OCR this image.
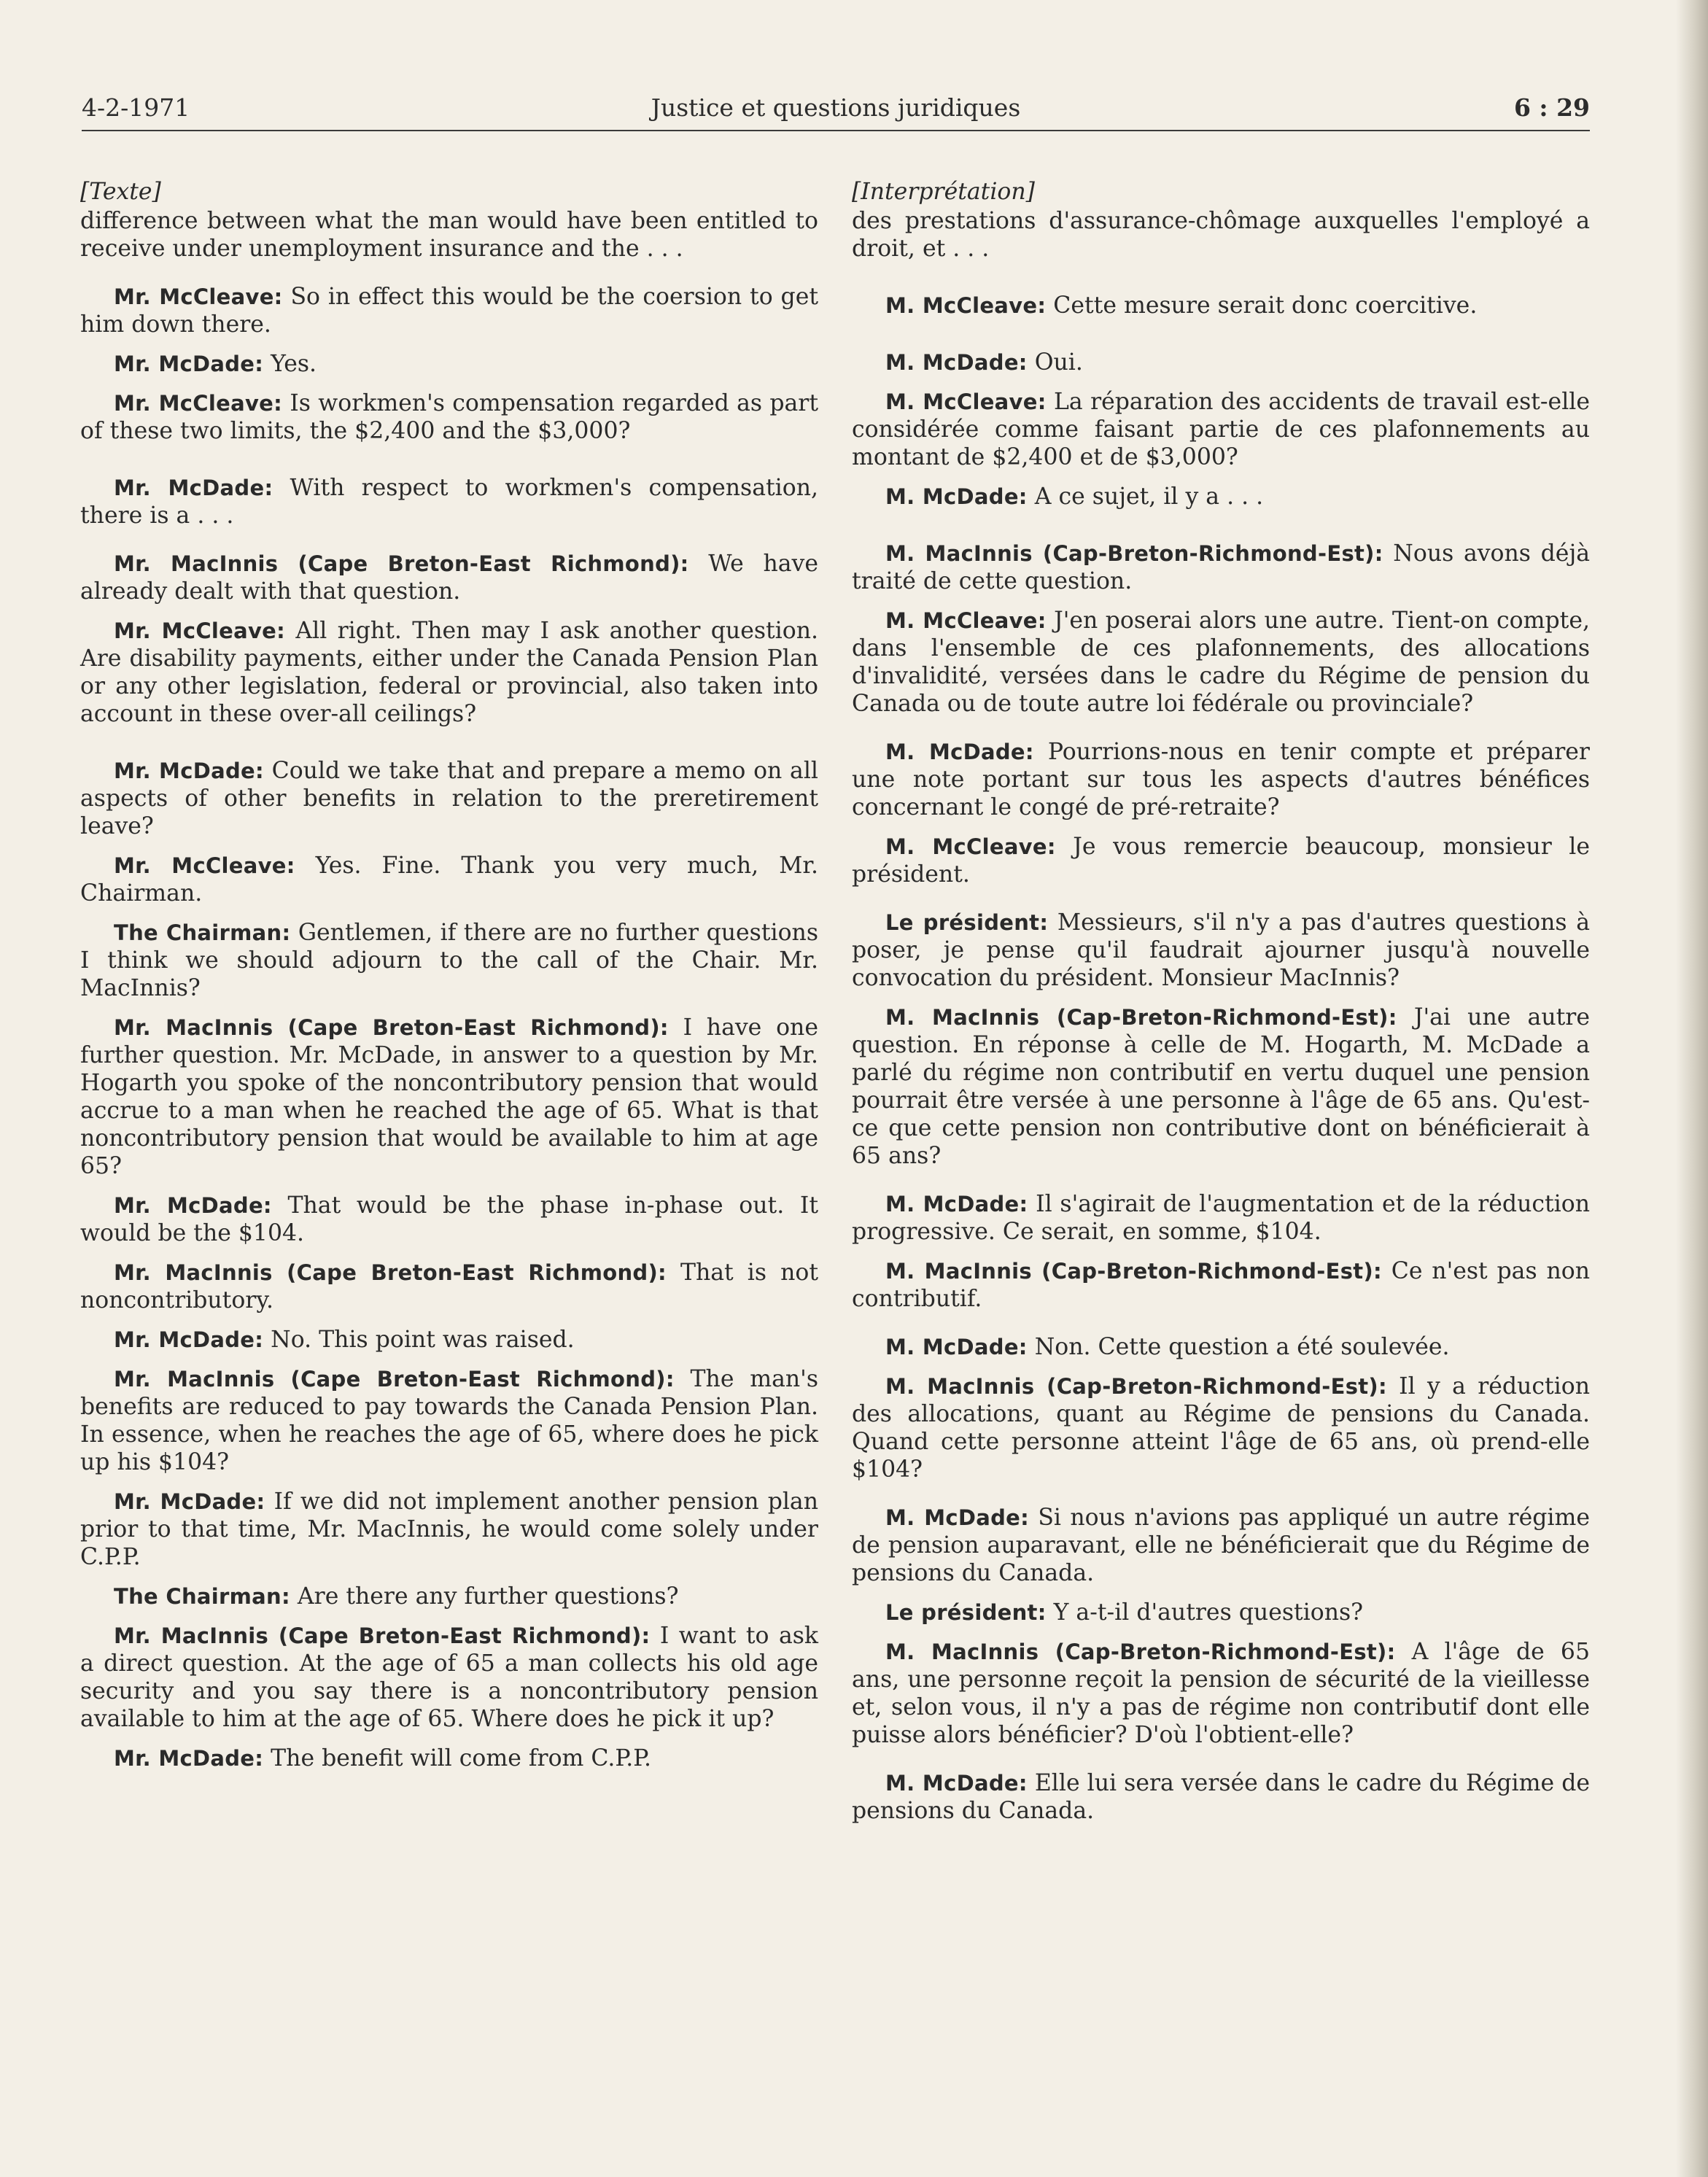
4-2-1971	Justice et questions juridiques	6 : 29
[Texte]

difference between what the man would have been entitled to receive under unemployment insurance and the . . .

Mr. McCleave: So in effect this would be the coersion to get him down there.

Mr. McDade: Yes.

Mr. McCleave: Is workmen's compensation regarded as part of these two limits, the $2,400 and the $3,000?

Mr. McDade: With respect to workmen's compensation, there is a . . .

Mr. MacInnis (Cape Breton-East Richmond): We have already dealt with that question.

Mr. McCleave: All right. Then may I ask another question. Are disability payments, either under the Canada Pension Plan or any other legislation, federal or provincial, also taken into account in these over-all ceilings?

Mr. McDade: Could we take that and prepare a memo on all aspects of other benefits in relation to the preretirement leave?

Mr. McCleave: Yes. Fine. Thank you very much, Mr. Chairman.

The Chairman: Gentlemen, if there are no further questions I think we should adjourn to the call of the Chair. Mr. MacInnis?

Mr. MacInnis (Cape Breton-East Richmond): I have one further question. Mr. McDade, in answer to a question by Mr. Hogarth you spoke of the noncontributory pension that would accrue to a man when he reached the age of 65. What is that noncontributory pension that would be available to him at age 65?

Mr. McDade: That would be the phase in-phase out. It would be the $104.

Mr. MacInnis (Cape Breton-East Richmond): That is not noncontributory.

Mr. McDade: No. This point was raised.

Mr. MacInnis (Cape Breton-East Richmond): The man's benefits are reduced to pay towards the Canada Pension Plan. In essence, when he reaches the age of 65, where does he pick up his $104?

Mr. McDade: If we did not implement another pension plan prior to that time, Mr. MacInnis, he would come solely under C.P.P.

The Chairman: Are there any further questions?

Mr. MacInnis (Cape Breton-East Richmond): I want to ask a direct question. At the age of 65 a man collects his old age security and you say there is a noncontributory pension available to him at the age of 65. Where does he pick it up?

Mr. McDade: The benefit will come from C.P.P.

[Interprétation]

des prestations d'assurance-chômage auxquelles l'employé a droit, et . . .

M. McCleave: Cette mesure serait donc coercitive.

M. McDade: Oui.

M. McCleave: La réparation des accidents de travail est-elle considérée comme faisant partie de ces plafonnements au montant de $2,400 et de $3,000?

M. McDade: A ce sujet, il y a . . .

M. MacInnis (Cap-Breton-Richmond-Est): Nous avons déjà traité de cette question.

M. McCleave: J'en poserai alors une autre. Tient-on compte, dans l'ensemble de ces plafonnements, des allocations d'invalidité, versées dans le cadre du Régime de pension du Canada ou de toute autre loi fédérale ou provinciale?

M. McDade: Pourrions-nous en tenir compte et préparer une note portant sur tous les aspects d'autres bénéfices concernant le congé de pré-retraite?

M. McCleave: Je vous remercie beaucoup, monsieur le président.

Le président: Messieurs, s'il n'y a pas d'autres questions à poser, je pense qu'il faudrait ajourner jusqu'à nouvelle convocation du président. Monsieur MacInnis?

M. MacInnis (Cap-Breton-Richmond-Est): J'ai une autre question. En réponse à celle de M. Hogarth, M. McDade a parlé du régime non contributif en vertu duquel une pension pourrait être versée à une personne à l'âge de 65 ans. Qu'est-ce que cette pension non contributive dont on bénéficierait à 65 ans?

M. McDade: Il s'agirait de l'augmentation et de la réduction progressive. Ce serait, en somme, $104.

M. MacInnis (Cap-Breton-Richmond-Est): Ce n'est pas non contributif.

M. McDade: Non. Cette question a été soulevée.

M. MacInnis (Cap-Breton-Richmond-Est): Il y a réduction des allocations, quant au Régime de pensions du Canada. Quand cette personne atteint l'âge de 65 ans, où prend-elle $104?

M. McDade: Si nous n'avions pas appliqué un autre régime de pension auparavant, elle ne bénéficierait que du Régime de pensions du Canada.

Le président: Y a-t-il d'autres questions?

M. MacInnis (Cap-Breton-Richmond-Est): A l'âge de 65 ans, une personne reçoit la pension de sécurité de la vieillesse et, selon vous, il n'y a pas de régime non contributif dont elle puisse alors bénéficier? D'où l'obtient-elle?

M. McDade: Elle lui sera versée dans le cadre du Régime de pensions du Canada.
